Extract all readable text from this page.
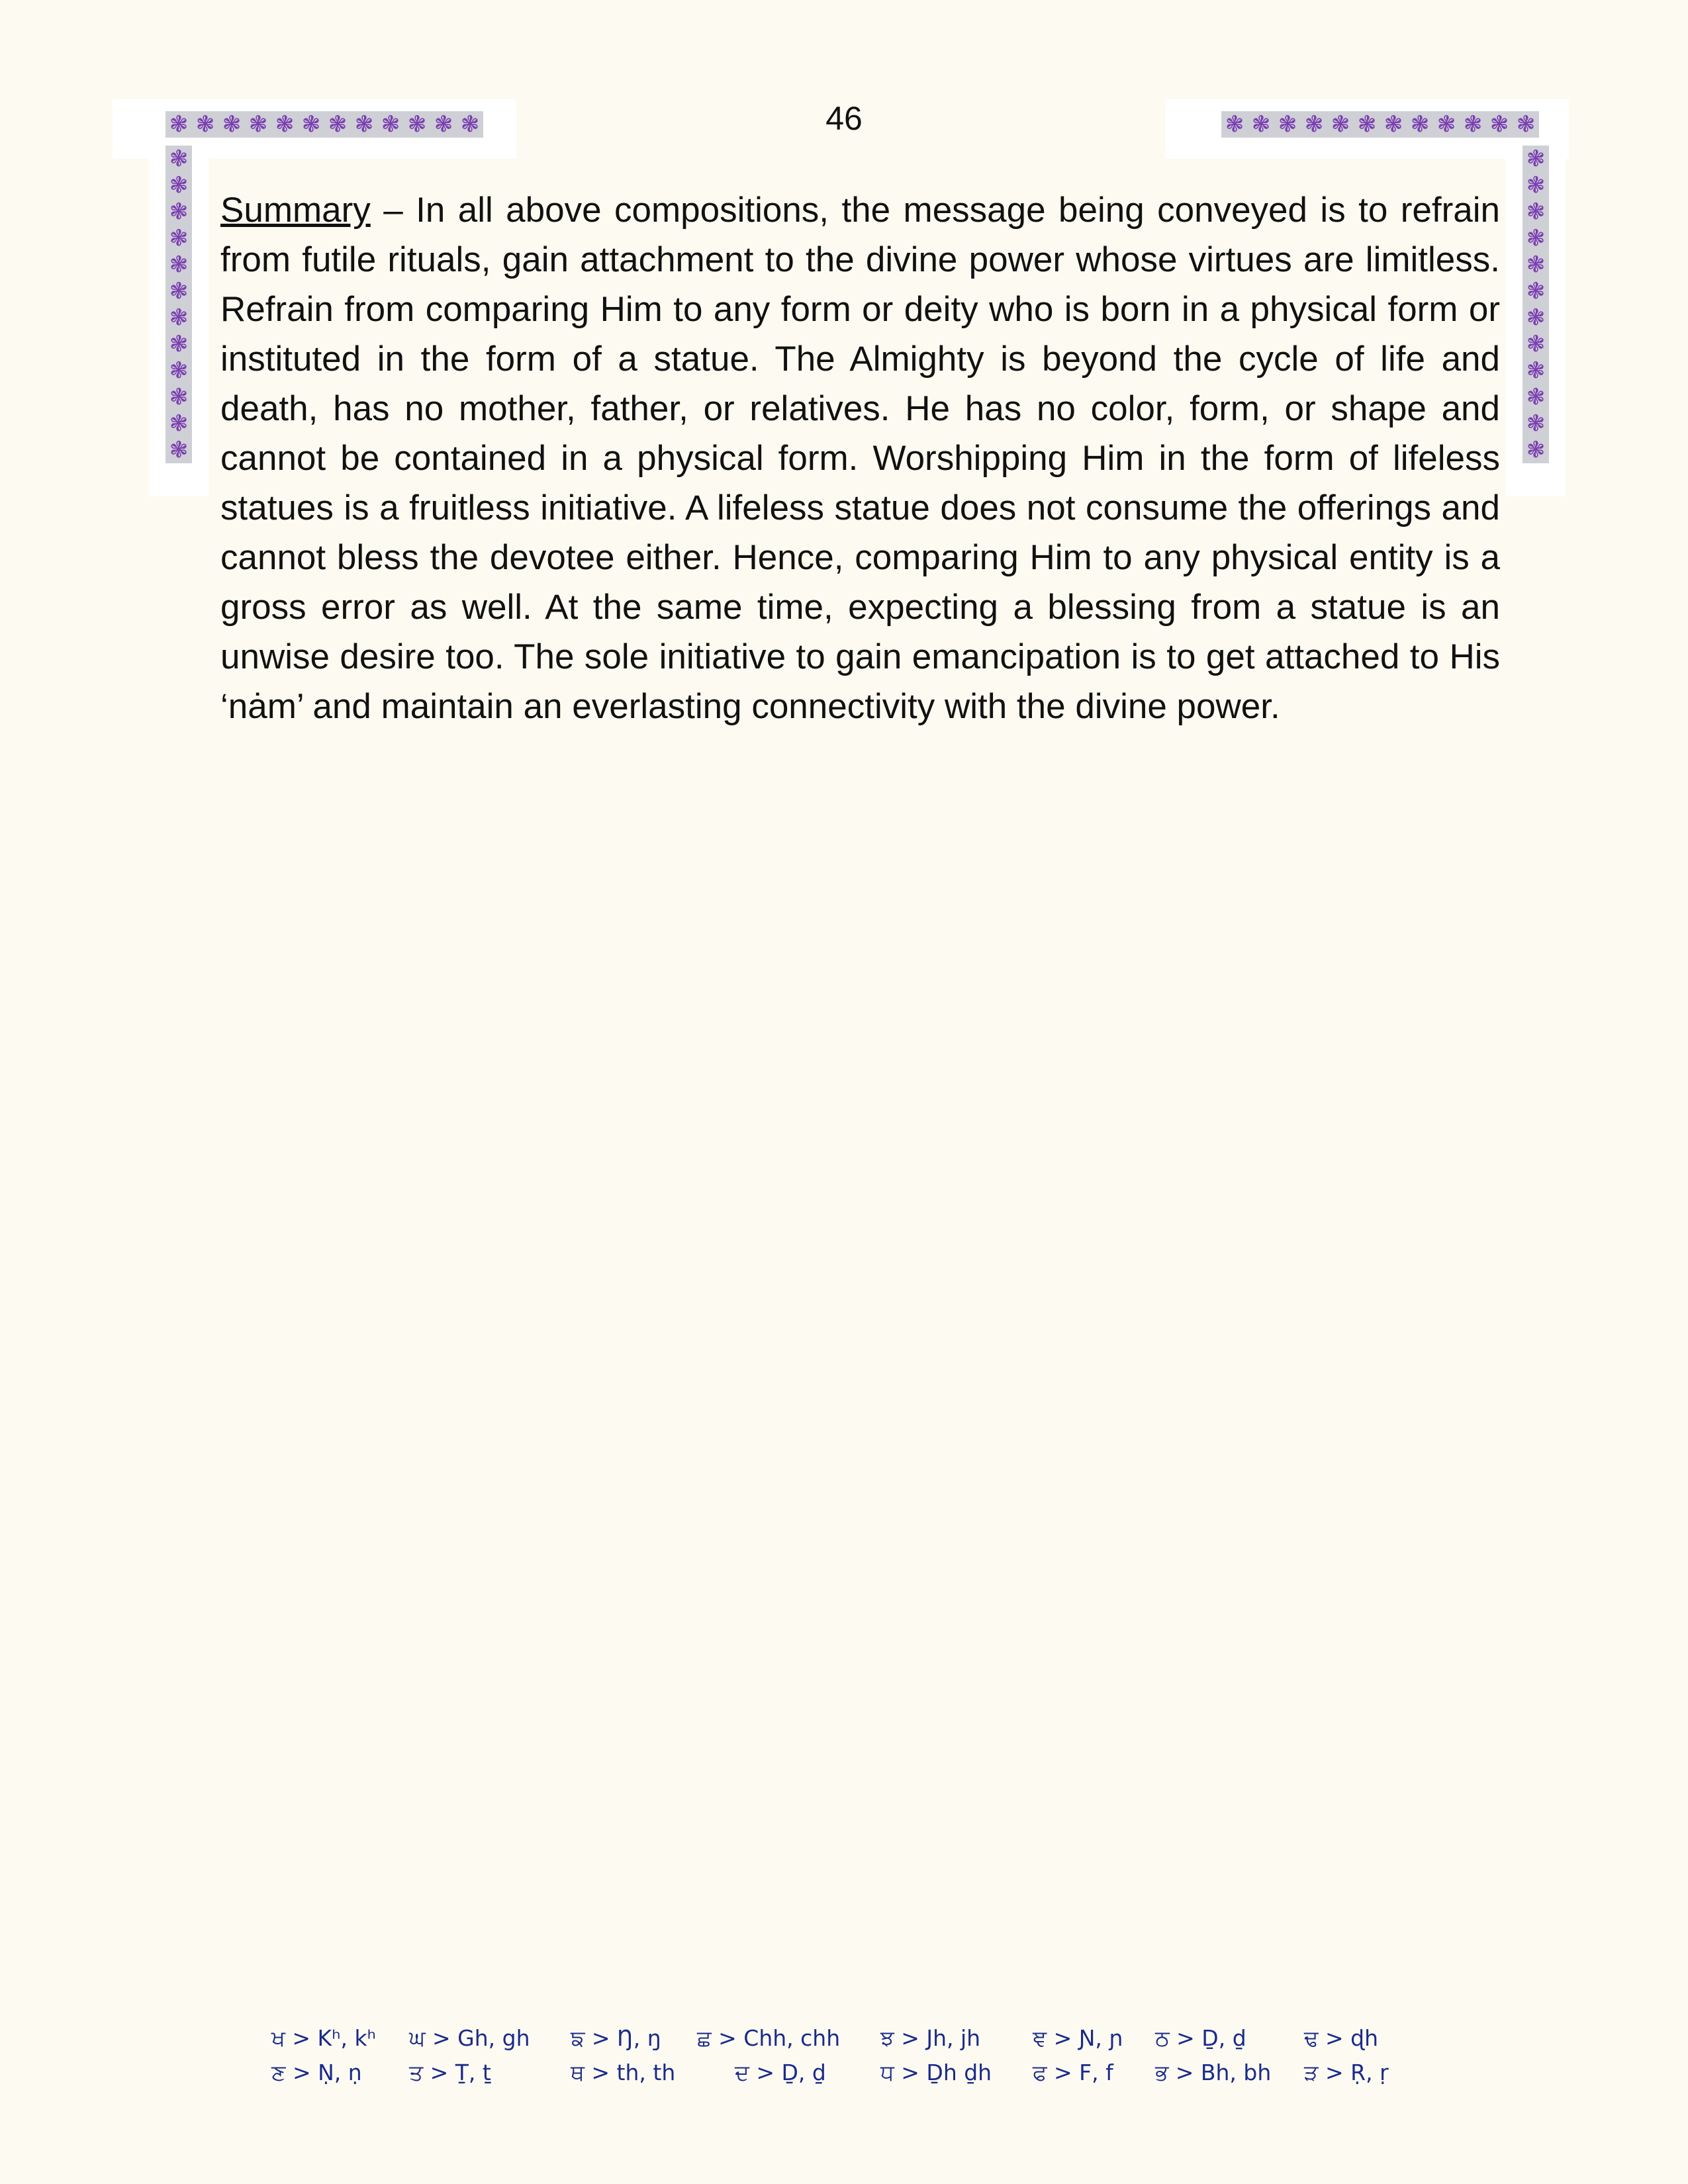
❃ ❃ ❃ ❃ ❃ ❃ ❃ ❃ ❃ ❃ ❃ ❃	❃ ❃ ❃ ❃ ❃ ❃ ❃ ❃ ❃ ❃ ❃ ❃
❃
❃
❃
❃
❃
❃
❃
❃
❃
❃
❃
❃
❃
❃
❃
❃
❃
❃
❃
❃
❃
❃
❃
❃
46

Summary – In all above compositions, the message being conveyed is to refrain from futile rituals, gain attachment to the divine power whose virtues are limitless. Refrain from comparing Him to any form or deity who is born in a physical form or instituted in the form of a statue. The Almighty is beyond the cycle of life and death, has no mother, father, or relatives. He has no color, form, or shape and cannot be contained in a physical form. Worshipping Him in the form of lifeless statues is a fruitless initiative. A lifeless statue does not consume the offerings and cannot bless the devotee either. Hence, comparing Him to any physical entity is a gross error as well. At the same time, expecting a blessing from a statue is an unwise desire too. The sole initiative to gain emancipation is to get attached to His ‘nȧm’ and maintain an everlasting connectivity with the divine power.

ਖ > Kʰ, kʰ ਘ > Gh, gh ਙ > Ŋ, ŋ ਛ > Chh, chh ਝ > Jh, jh ਞ > Ɲ, ɲ ਠ > Ḏ, ḏ	ਢ > ɖh
ਣ > Ṇ, ṇ ਤ > Ṯ, ṯ	ਥ > th, th	ਦ > Ḏ, ḏ ਧ > Ḏh ḏh ਫ > F, f ਭ > Bh, bh ੜ > Ṛ, ṛ
